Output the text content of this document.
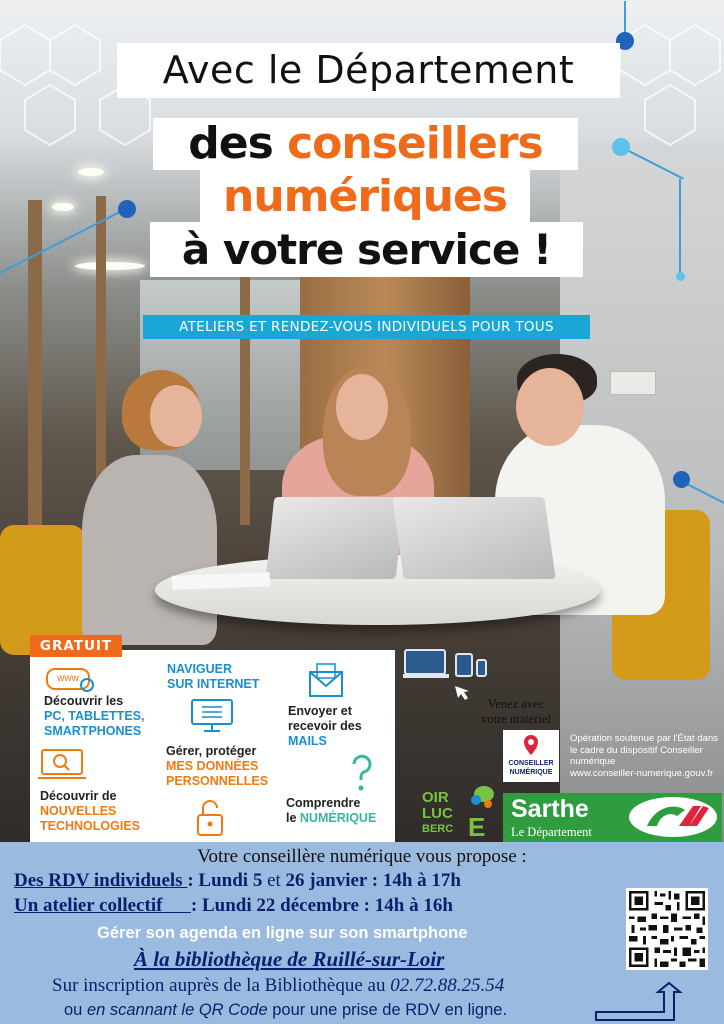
Avec le Département
des conseillers
numériques
à votre service !
ATELIERS ET RENDEZ-VOUS INDIVIDUELS POUR TOUS
www
Découvrir les
PC, TABLETTES,
SMARTPHONES
Découvrir de
NOUVELLES
TECHNOLOGIES
NAVIGUER
SUR INTERNET
Gérer, protéger
MES DONNÉES
PERSONNELLES
Envoyer et
recevoir des
MAILS
Comprendre
le NUMÉRIQUE
GRATUIT
Venez avec
votre matériel
CONSEILLER
NUMÉRIQUE
Opération soutenue par l'État dans
le cadre du dispositif Conseiller
numérique
www.conseiller-numerique.gouv.fr
OIR
LUC
BERC E
Sarthe
Le Département
Votre conseillère numérique vous propose :
Des RDV individuels : Lundi 5 et 26 janvier : 14h à 17h
Un atelier collectif      : Lundi 22 décembre : 14h à 16h
Gérer son agenda en ligne sur son smartphone
À la bibliothèque de Ruillé-sur-Loir
Sur inscription auprès de la Bibliothèque au 02.72.88.25.54
ou en scannant le QR Code pour une prise de RDV en ligne.
